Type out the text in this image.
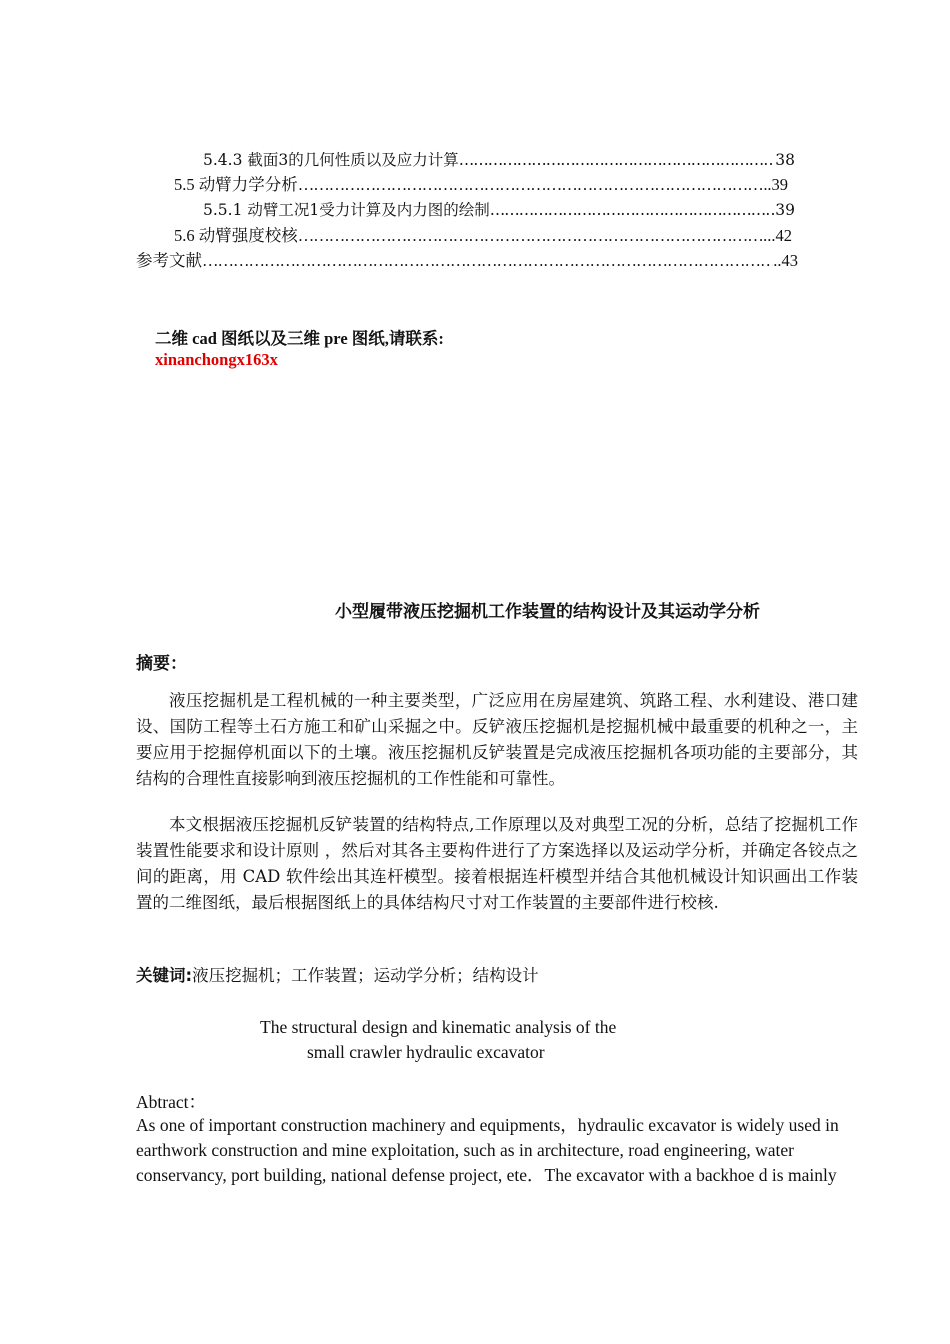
5.4.3 截面3的几何性质以及应力计算 ……………………………………………………………………………………………………………………………………………………………………………………	38
5.5 动臂力学分析 ……………………………………………………………………………………………………………………………………………………………………………………	.39
5.5.1 动臂工况1受力计算及内力图的绘制 ……………………………………………………………………………………………………………………………………………………………………………………	39
5.6 动臂强度校核 ……………………………………………………………………………………………………………………………………………………………………………………	...42
参考文献 ……………………………………………………………………………………………………………………………………………………………………………………	..43
二维 cad 图纸以及三维 pre 图纸,请联系:
xinanchongx163x
小型履带液压挖掘机工作装置的结构设计及其运动学分析
摘要：

液压挖掘机是工程机械的一种主要类型，广泛应用在房屋建筑、筑路工程、水利建设、港口建设、国防工程等土石方施工和矿山采掘之中。反铲液压挖掘机是挖掘机械中最重要的机种之一，主要应用于挖掘停机面以下的土壤。液压挖掘机反铲装置是完成液压挖掘机各项功能的主要部分，其结构的合理性直接影响到液压挖掘机的工作性能和可靠性。

本文根据液压挖掘机反铲装置的结构特点,工作原理以及对典型工况的分析，总结了挖掘机工作装置性能要求和设计原则 ，然后对其各主要构件进行了方案选择以及运动学分析，并确定各铰点之间的距离，用 CAD 软件绘出其连杆模型。接着根据连杆模型并结合其他机械设计知识画出工作装置的二维图纸，最后根据图纸上的具体结构尺寸对工作装置的主要部件进行校核.

关键词:液压挖掘机；工作装置；运动学分析；结构设计
The structural design and kinematic analysis of the
small crawler hydraulic excavator
Abtract：

As one of important construction machinery and equipments，hydraulic excavator is widely used in earthwork construction and mine exploitation, such as in architecture, road engineering, water conservancy, port building, national defense project, ete．The excavator with a backhoe d is mainly
